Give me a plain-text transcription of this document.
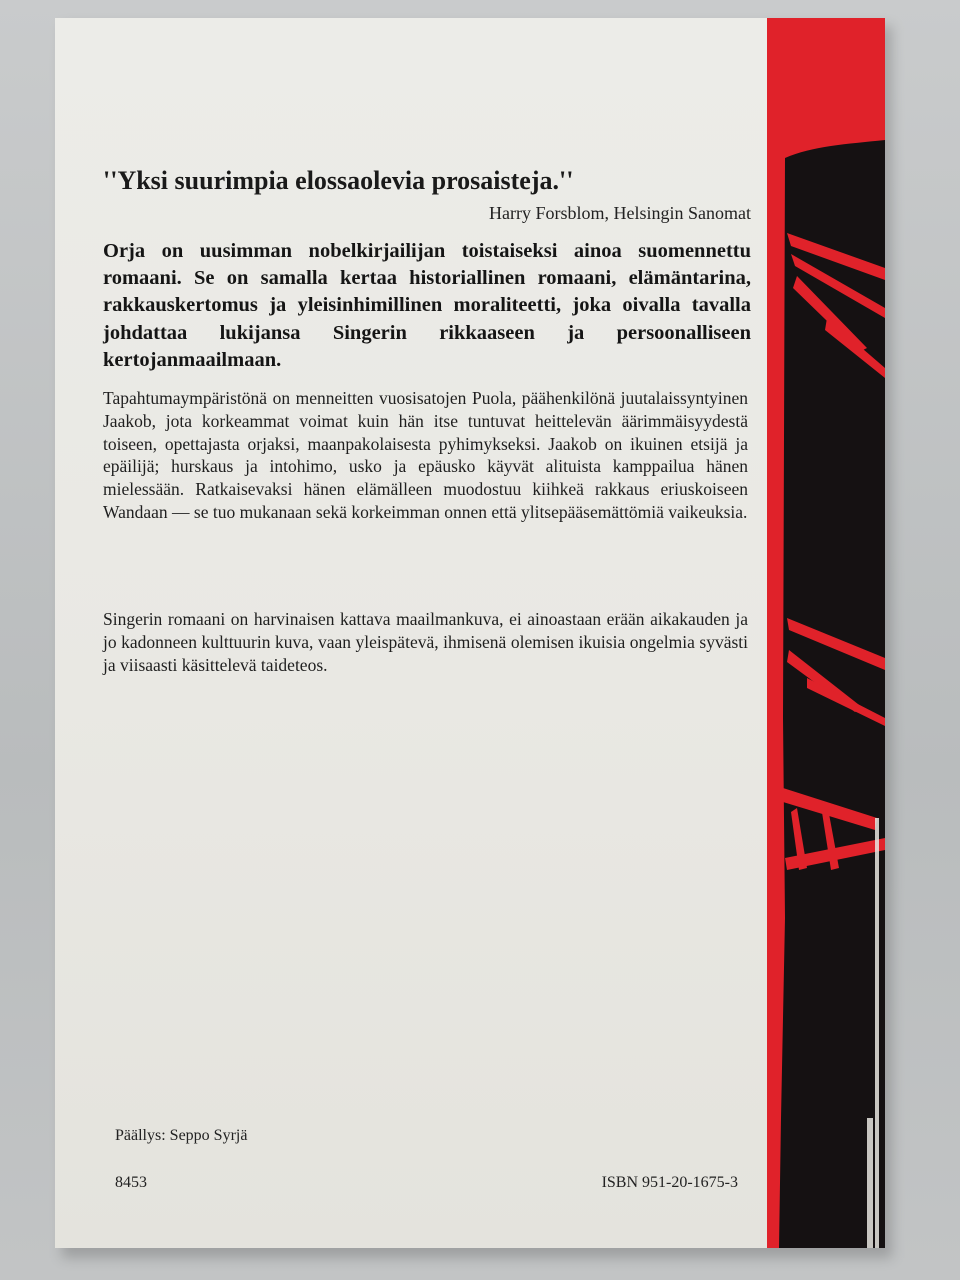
''Yksi suurimpia elossaolevia prosaisteja.''

Harry Forsblom, Helsingin Sanomat

Orja on uusimman nobelkirjailijan toistaiseksi ainoa suomennettu romaani. Se on samalla kertaa historiallinen romaani, elämäntarina, rakkauskertomus ja yleisinhimillinen moraliteetti, joka oivalla tavalla johdattaa lukijansa Singerin rikkaaseen ja persoonalliseen kertojanmaailmaan.

Tapahtumaympäristönä on menneitten vuosisatojen Puola, päähenkilönä juutalaissyntyinen Jaakob, jota korkeammat voimat kuin hän itse tuntuvat heittelevän äärimmäisyydestä toiseen, opettajasta orjaksi, maanpakolaisesta pyhimykseksi. Jaakob on ikuinen etsijä ja epäilijä; hurskaus ja intohimo, usko ja epäusko käyvät alituista kamppailua hänen mielessään. Ratkaisevaksi hänen elämälleen muodostuu kiihkeä rakkaus eriuskoiseen Wandaan — se tuo mukanaan sekä korkeimman onnen että ylitsepääsemättömiä vaikeuksia.

Singerin romaani on harvinaisen kattava maailmankuva, ei ainoastaan erään aikakauden ja jo kadonneen kulttuurin kuva, vaan yleispätevä, ihmisenä olemisen ikuisia ongelmia syvästi ja viisaasti käsittelevä taideteos.

Päällys: Seppo Syrjä

8453	ISBN 951-20-1675-3
